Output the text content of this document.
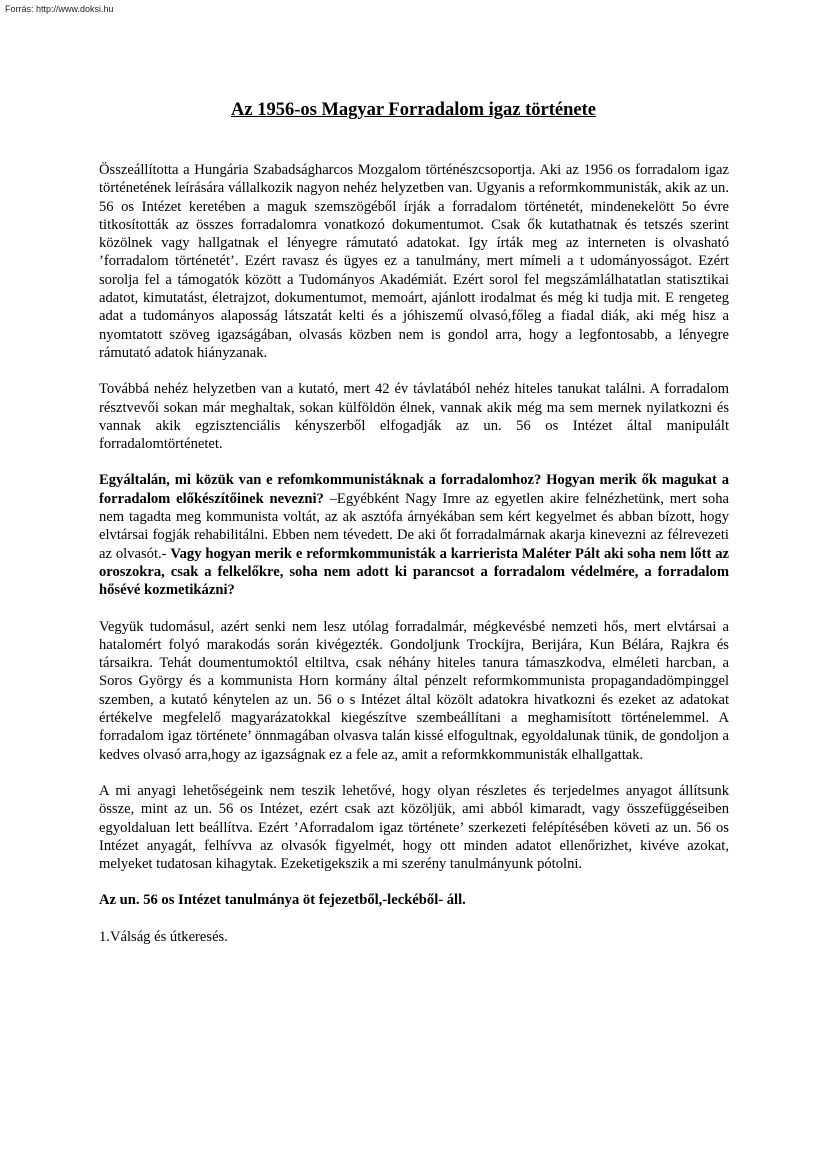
Forrás: http://www.doksi.hu
Az 1956-os Magyar Forradalom igaz története

Összeállította a Hungária Szabadságharcos Mozgalom történészcsoportja. Aki az 1956 os forradalom igaz történetének leírására vállalkozik nagyon nehéz helyzetben van. Ugyanis a reformkommunisták, akik az un. 56 os Intézet keretében a maguk szemszögéből írják a forradalom történetét, mindenekelött 5o évre titkosították az összes forradalomra vonatkozó dokumentumot. Csak ők kutathatnak és tetszés szerint közölnek vagy hallgatnak el lényegre rámutató adatokat. Igy írták meg az interneten is olvasható ’forradalom történetét’. Ezért ravasz és ügyes ez a tanulmány, mert mímeli a t udományosságot. Ezért sorolja fel a támogatók között a Tudományos Akadémiát. Ezért sorol fel megszámlálhatatlan statisztikai adatot, kimutatást, életrajzot, dokumentumot, memoárt, ajánlott irodalmat és még ki tudja mit. E rengeteg adat a tudományos alaposság látszatát kelti és a jóhiszemű olvasó,főleg a fiadal diák, aki még hisz a nyomtatott szöveg igazságában, olvasás közben nem is gondol arra, hogy a legfontosabb, a lényegre rámutató adatok hiányzanak.

Továbbá nehéz helyzetben van a kutató, mert 42 év távlatából nehéz hiteles tanukat találni. A forradalom résztvevői sokan már meghaltak, sokan külföldön élnek, vannak akik még ma sem mernek nyilatkozni és vannak akik egzisztenciális kényszerből elfogadják az un. 56 os Intézet által manipulált forradalomtörténetet.

Egyáltalán, mi közük van e refomkommunistáknak a forradalomhoz? Hogyan merik ők magukat a forradalom előkészítőinek nevezni? –Egyébként Nagy Imre az egyetlen akire felnézhetünk, mert soha nem tagadta meg kommunista voltát, az ak asztófa árnyékában sem kért kegyelmet és abban bízott, hogy elvtársai fogják rehabilitálni. Ebben nem tévedett. De aki őt forradalmárnak akarja kinevezni az félrevezeti az olvasót.- Vagy hogyan merik e reformkommunisták a karrierista Maléter Pált aki soha nem lőtt az oroszokra, csak a felkelőkre, soha nem adott ki parancsot a forradalom védelmére, a forradalom hősévé kozmetikázni?

Vegyük tudomásul, azért senki nem lesz utólag forradalmár, mégkevésbé nemzeti hős, mert elvtársai a hatalomért folyó marakodás során kivégezték. Gondoljunk Trockíjra, Berijára, Kun Bélára, Rajkra és társaikra. Tehát doumentumoktól eltiltva, csak néhány hiteles tanura támaszkodva, elméleti harcban, a Soros György és a kommunista Horn kormány által pénzelt reformkommunista propagandadömpinggel szemben, a kutató kénytelen az un. 56 o s Intézet által közölt adatokra hivatkozni és ezeket az adatokat értékelve megfelelő magyarázatokkal kiegészítve szembeállítani a meghamisított történelemmel. A forradalom igaz története’ önnmagában olvasva talán kissé elfogultnak, egyoldalunak tünik, de gondoljon a kedves olvasó arra,hogy az igazságnak ez a fele az, amit a reformkkommunisták elhallgattak.

A mi anyagi lehetőségeink nem teszik lehetővé, hogy olyan részletes és terjedelmes anyagot állítsunk össze, mint az un. 56 os Intézet, ezért csak azt közöljük, ami abból kimaradt, vagy összefüggéseiben egyoldaluan lett beállítva. Ezért ’Aforradalom igaz története’ szerkezeti felépítésében követi az un. 56 os Intézet anyagát, felhívva az olvasók figyelmét, hogy ott minden adatot ellenőrizhet, kivéve azokat, melyeket tudatosan kihagytak. Ezeketigekszik a mi szerény tanulmányunk pótolni.

Az un. 56 os Intézet tanulmánya öt fejezetből,-leckéből- áll.

1.Válság és útkeresés.
